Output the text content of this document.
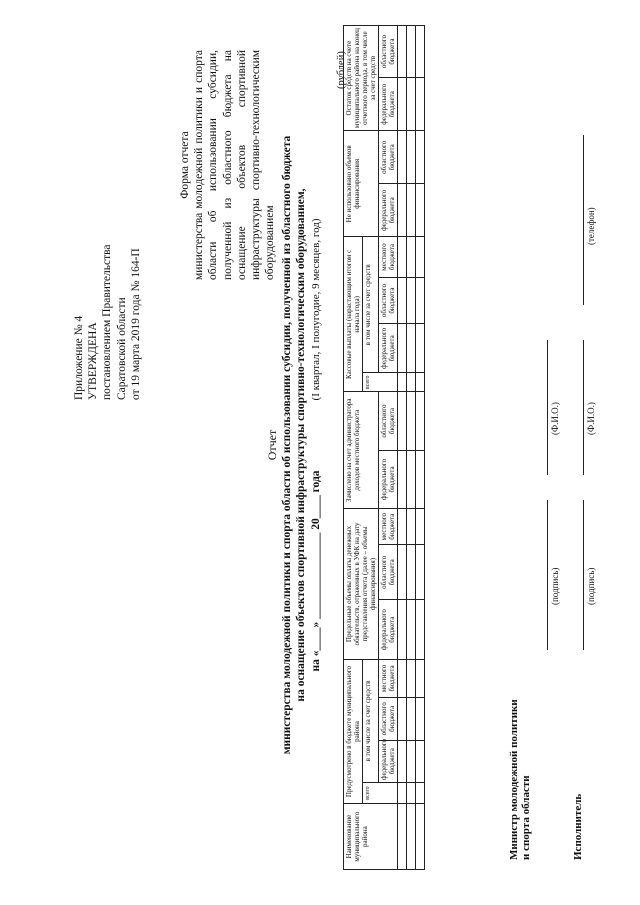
Приложение № 4 УТВЕРЖДЕНА постановлением Правительства Саратовской области от 19 марта 2019 года № 164-П
Форма отчета министерства молодежной политики и спорта области об использовании субсидии, полученной из областного бюджета на оснащение объектов спортивной инфраструктуры спортивно-технологическим оборудованием

Отчет министерства молодежной политики и спорта области об использовании субсидии, полученной из областного бюджета на оснащение объектов спортивной инфраструктуры спортивно-технологическим оборудованием, на «____» _______________ 20____ года(I квартал, I полугодие, 9 месяцев, год)
(рублей)
Наименование муниципального района	Предусмотрено в бюджете муниципального района				Предельные объемы оплаты денежных обязательств, отраженных в УФК на дату представления отчета (далее – объемы финансирования)			Зачислено на счет администратора доходов местного бюджета		Кассовые выплаты (нарастающим итогом с начала года)				Не использовано объемов финансирования		Остаток средств на счете муниципального района на конец отчетного периода, в том числе за счет средств	
	всего	в том числе за счет средств								всего	в том числе за счет средств						
		федерального бюджета	областного бюджета	местного бюджета	федерального бюджета	областного бюджета	местного бюджета	федерального бюджета	областного бюджета		федерального бюджета	областного бюджета	местного бюджета	федерального бюджета	областного бюджета	федерального бюджета	областного бюджета

Министр молодежной политики и спорта области
(подпись)
(Ф.И.О.)
Исполнитель
(подпись)
(Ф.И.О.)
(телефон)
